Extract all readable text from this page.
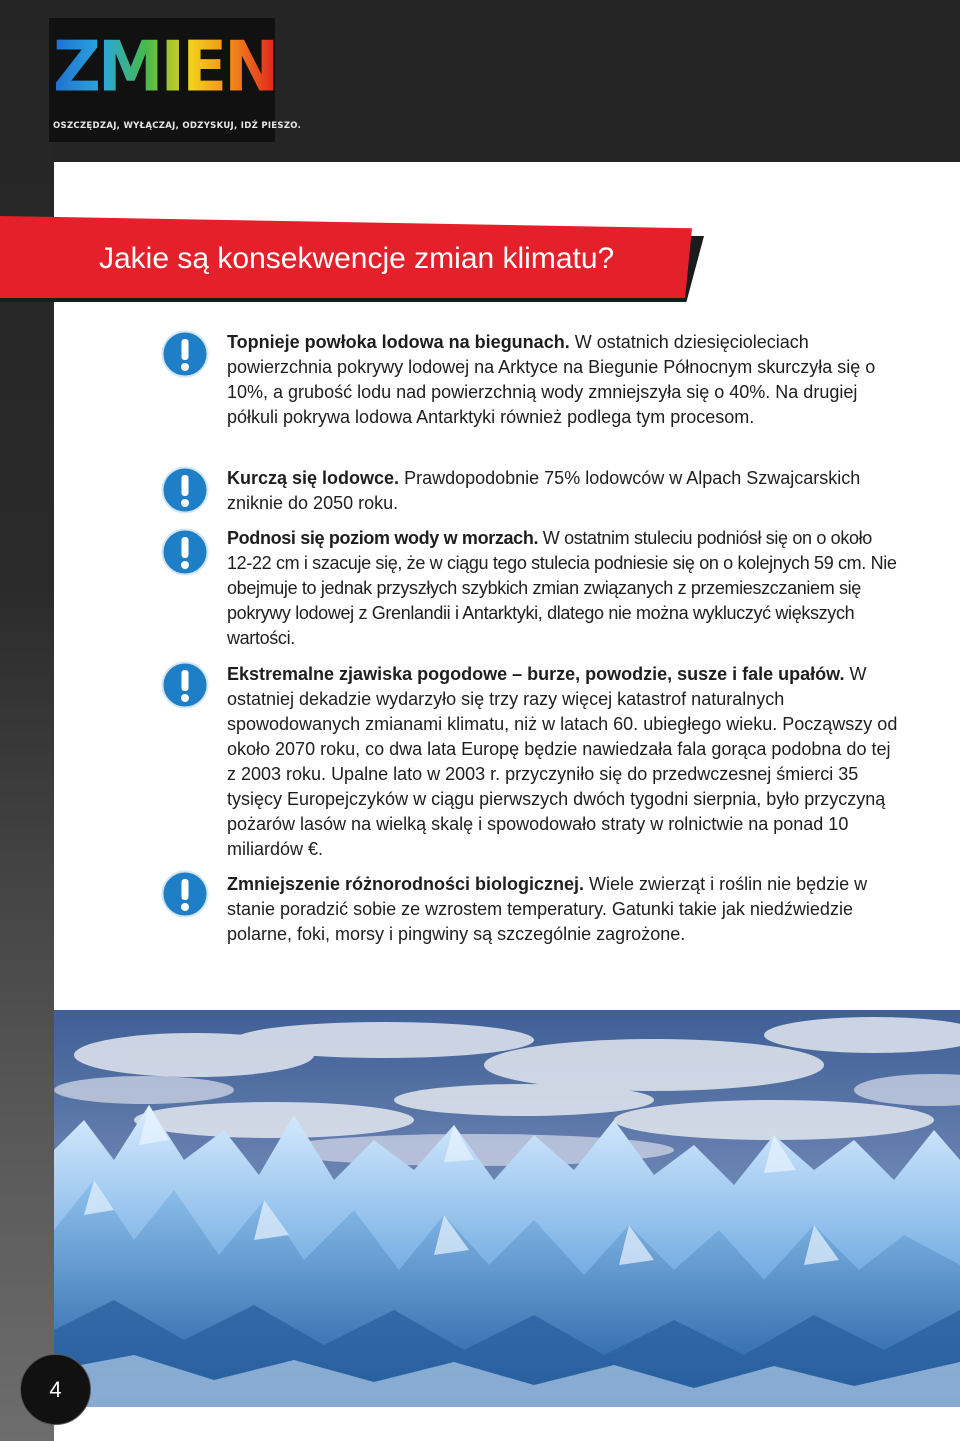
ZMIENIAJ
OSZCZĘDZAJ, WYŁĄCZAJ, ODZYSKUJ, IDŹ PIESZO.
Jakie są konsekwencje zmian klimatu?

Topnieje powłoka lodowa na biegunach. W ostatnich dziesięcioleciach powierzchnia pokrywy lodowej na Arktyce na Biegunie Północnym skurczyła się o 10%, a grubość lodu nad powierzchnią wody zmniejszyła się o 40%. Na drugiej półkuli pokrywa lodowa Antarktyki również podlega tym procesom.

Kurczą się lodowce. Prawdopodobnie 75% lodowców w Alpach Szwajcarskich zniknie do 2050 roku.

Podnosi się poziom wody w morzach. W ostatnim stuleciu podniósł się on o około 12-22 cm i szacuje się, że w ciągu tego stulecia podniesie się on o kolejnych 59 cm. Nie obejmuje to jednak przyszłych szybkich zmian związanych z przemieszczaniem się pokrywy lodowej z Grenlandii i Antarktyki, dlatego nie można wykluczyć większych wartości.

Ekstremalne zjawiska pogodowe – burze, powodzie, susze i fale upałów. W ostatniej dekadzie wydarzyło się trzy razy więcej katastrof naturalnych spowodowanych zmianami klimatu, niż w latach 60. ubiegłego wieku. Począwszy od około 2070 roku, co dwa lata Europę będzie nawiedzała fala gorąca podobna do tej z 2003 roku. Upalne lato w 2003 r. przyczyniło się do przedwczesnej śmierci 35 tysięcy Europejczyków w ciągu pierwszych dwóch tygodni sierpnia, było przyczyną pożarów lasów na wielką skalę i spowodowało straty w rolnictwie na ponad 10 miliardów €.

Zmniejszenie różnorodności biologicznej. Wiele zwierząt i roślin nie będzie w stanie poradzić sobie ze wzrostem temperatury. Gatunki takie jak niedźwiedzie polarne, foki, morsy i pingwiny są szczególnie zagrożone.

4
